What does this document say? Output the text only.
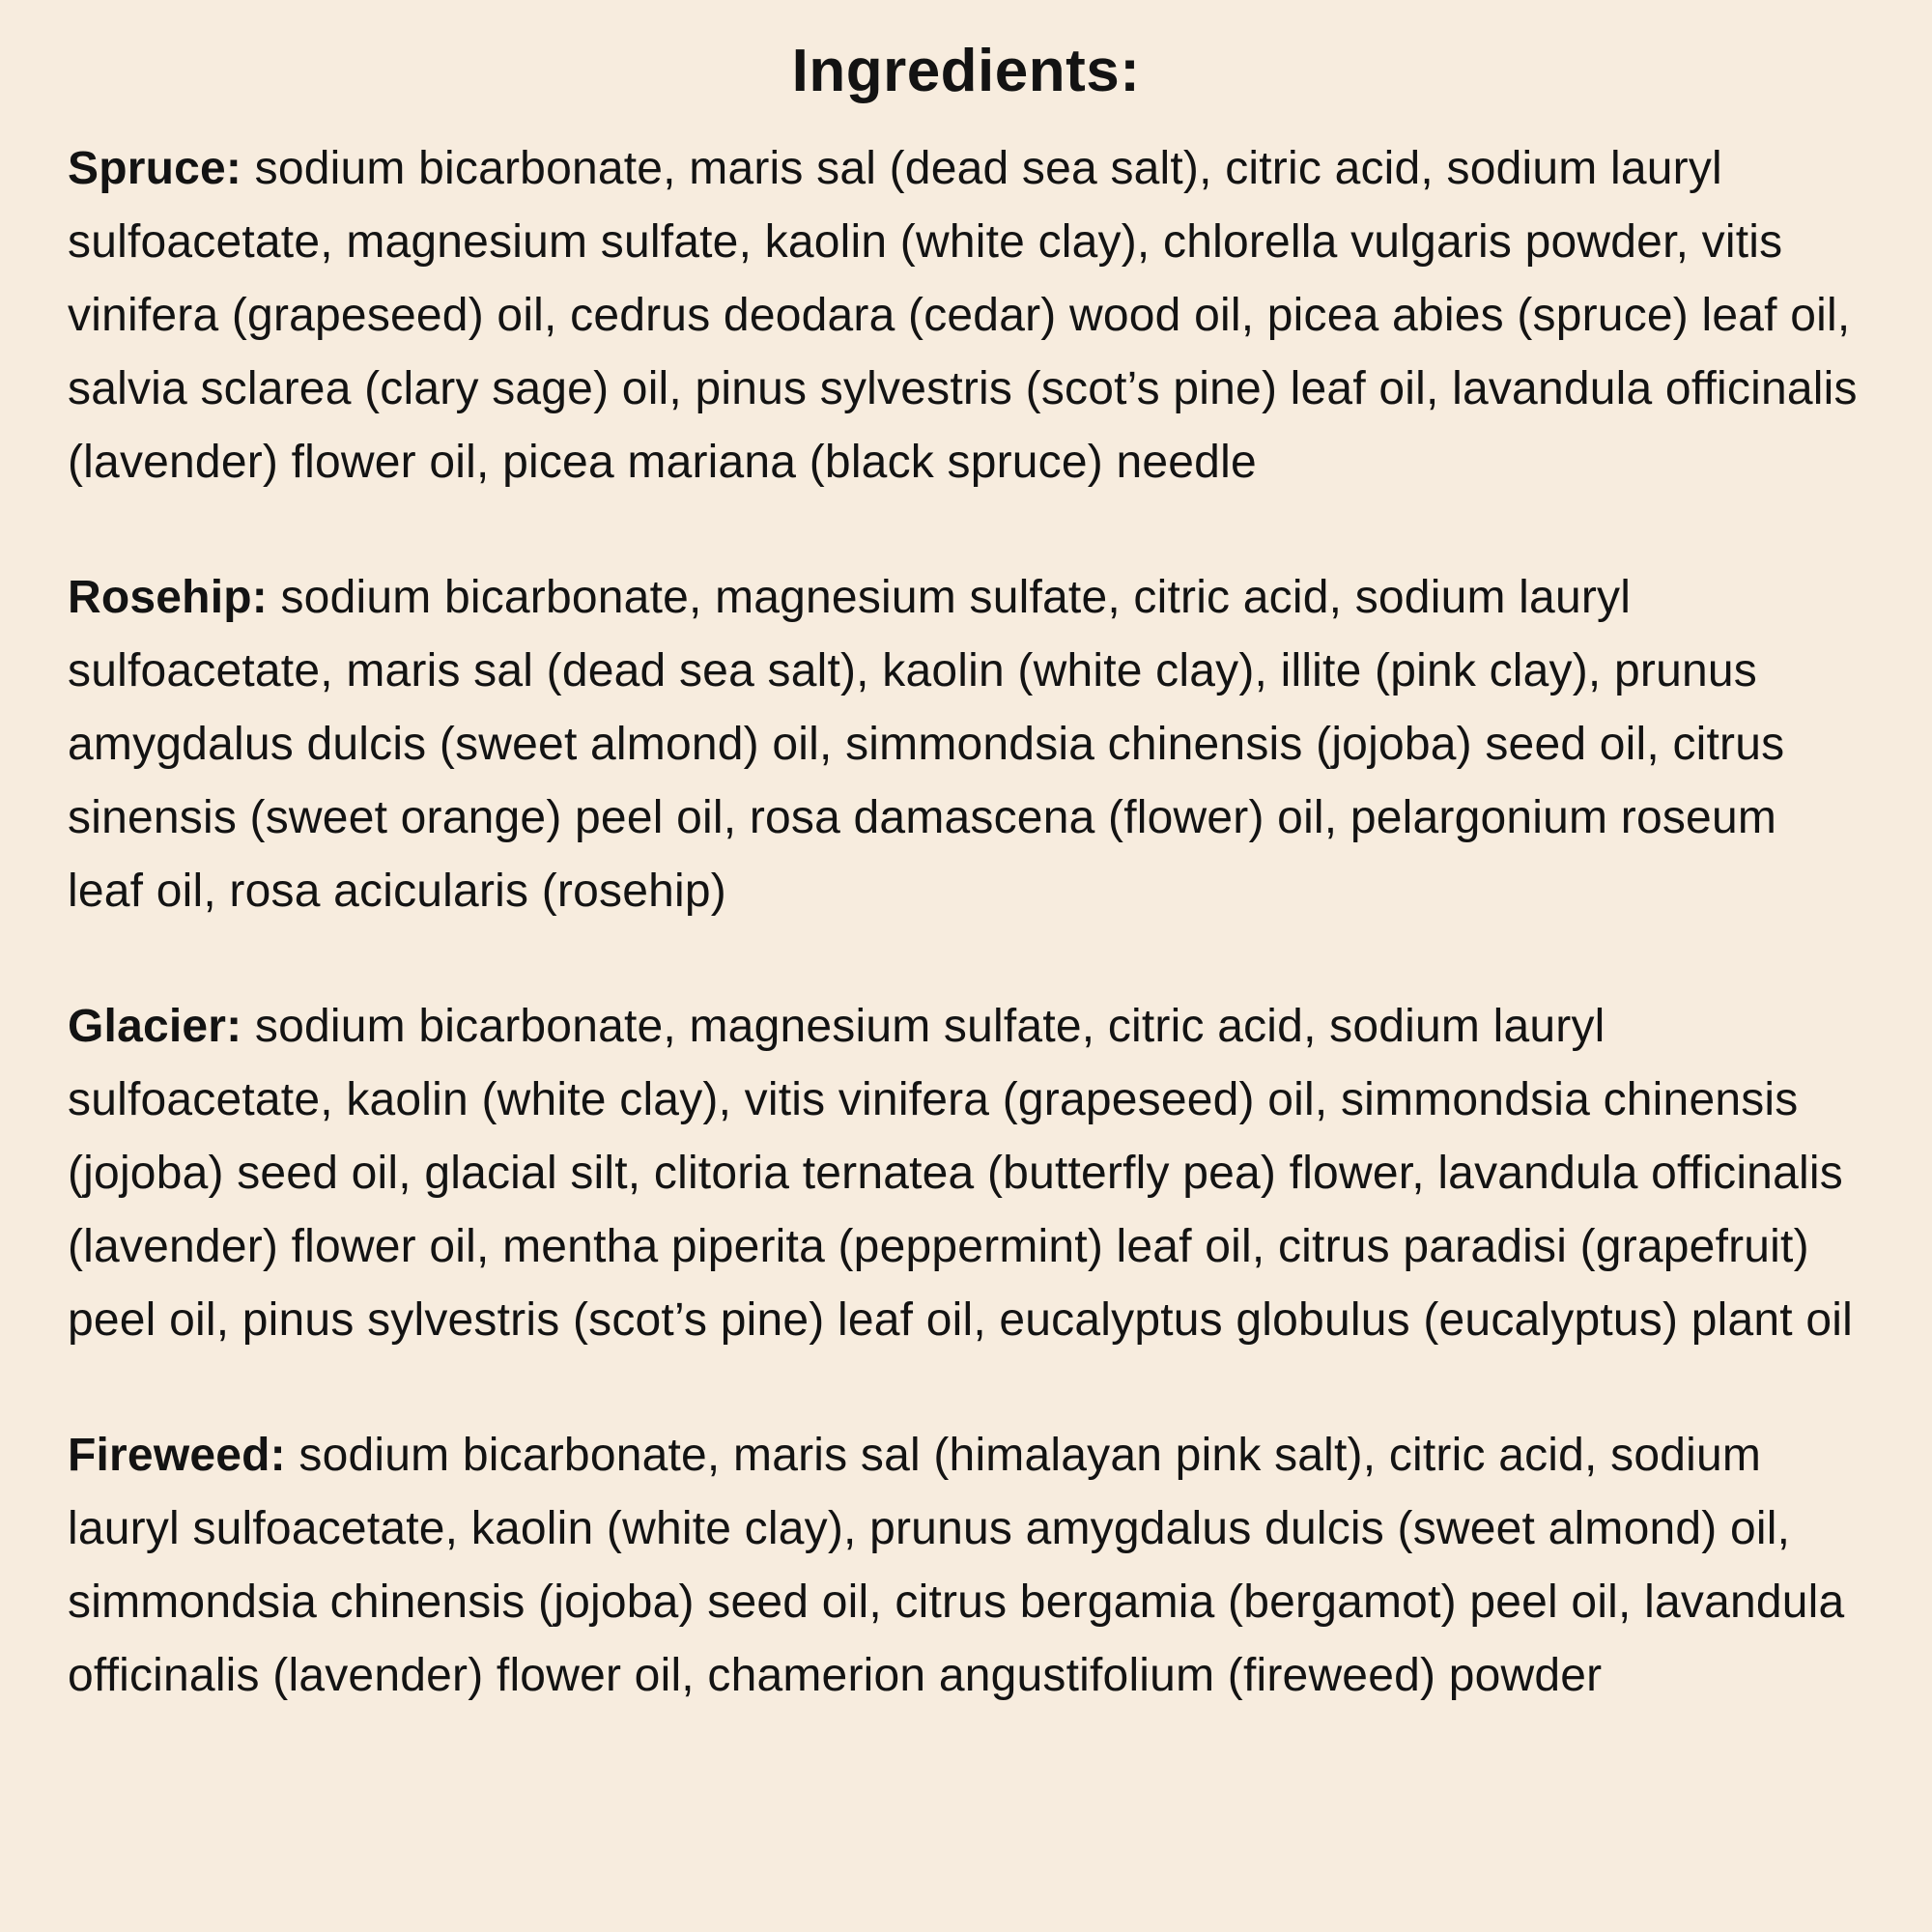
Ingredients:

Spruce: sodium bicarbonate, maris sal (dead sea salt), citric acid, sodium lauryl sulfoacetate, magnesium sulfate, kaolin (white clay), chlorella vulgaris powder, vitis vinifera (grapeseed) oil, cedrus deodara (cedar) wood oil, picea abies (spruce) leaf oil, salvia sclarea (clary sage) oil, pinus sylvestris (scot’s pine) leaf oil, lavandula officinalis (lavender) flower oil, picea mariana (black spruce) needle

Rosehip: sodium bicarbonate, magnesium sulfate, citric acid, sodium lauryl sulfoacetate, maris sal (dead sea salt), kaolin (white clay), illite (pink clay), prunus amygdalus dulcis (sweet almond) oil, simmondsia chinensis (jojoba) seed oil, citrus sinensis (sweet orange) peel oil, rosa damascena (flower) oil, pelargonium roseum leaf oil, rosa acicularis (rosehip)

Glacier: sodium bicarbonate, magnesium sulfate, citric acid, sodium lauryl sulfoacetate, kaolin (white clay), vitis vinifera (grapeseed) oil, simmondsia chinensis (jojoba) seed oil, glacial silt, clitoria ternatea (butterfly pea) flower, lavandula officinalis (lavender) flower oil, mentha piperita (peppermint) leaf oil, citrus paradisi (grapefruit) peel oil, pinus sylvestris (scot’s pine) leaf oil, eucalyptus globulus (eucalyptus) plant oil

Fireweed: sodium bicarbonate, maris sal (himalayan pink salt), citric acid, sodium lauryl sulfoacetate, kaolin (white clay), prunus amygdalus dulcis (sweet almond) oil, simmondsia chinensis (jojoba) seed oil, citrus bergamia (bergamot) peel oil, lavandula officinalis (lavender) flower oil, chamerion angustifolium (fireweed) powder
